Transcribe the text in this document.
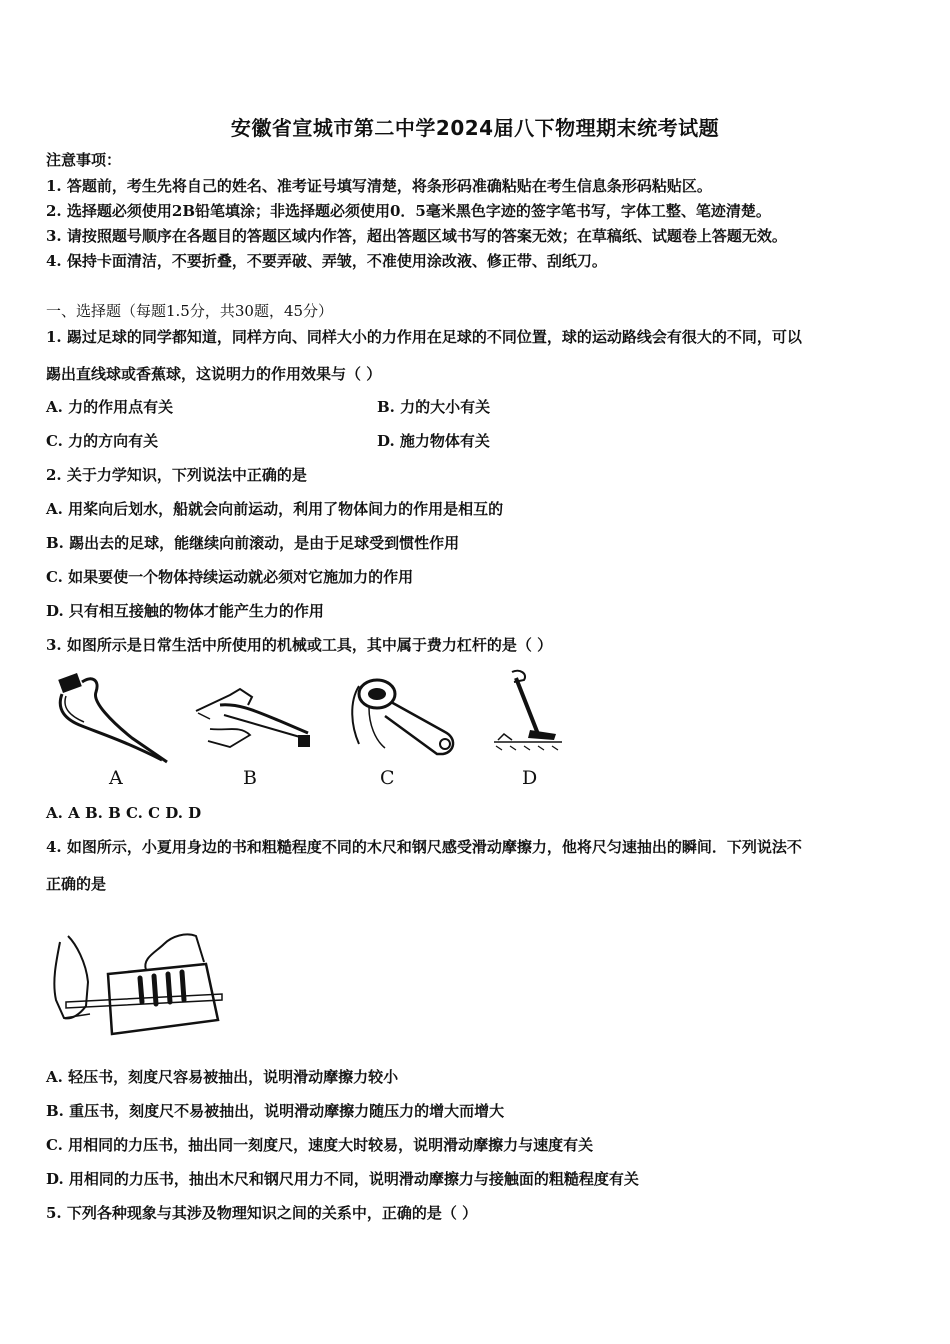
安徽省宣城市第二中学2024届八下物理期末统考试题
注意事项：
1. 答题前，考生先将自己的姓名、准考证号填写清楚，将条形码准确粘贴在考生信息条形码粘贴区。
2. 选择题必须使用2B铅笔填涂；非选择题必须使用0．5毫米黑色字迹的签字笔书写，字体工整、笔迹清楚。
3. 请按照题号顺序在各题目的答题区域内作答，超出答题区域书写的答案无效；在草稿纸、试题卷上答题无效。
4. 保持卡面清洁，不要折叠，不要弄破、弄皱，不准使用涂改液、修正带、刮纸刀。
一、选择题（每题1.5分，共30题，45分）
1. 踢过足球的同学都知道，同样方向、同样大小的力作用在足球的不同位置，球的运动路线会有很大的不同，可以
踢出直线球或香蕉球，这说明力的作用效果与（ ）
A. 力的作用点有关	B. 力的大小有关
C. 力的方向有关	D. 施力物体有关
2. 关于力学知识，下列说法中正确的是
A. 用桨向后划水，船就会向前运动，利用了物体间力的作用是相互的
B. 踢出去的足球，能继续向前滚动，是由于足球受到惯性作用
C. 如果要使一个物体持续运动就必须对它施加力的作用
D. 只有相互接触的物体才能产生力的作用
3. 如图所示是日常生活中所使用的机械或工具，其中属于费力杠杆的是（ ）
A	B	C	D
A. A B. B C. C D. D
4. 如图所示，小夏用身边的书和粗糙程度不同的木尺和钢尺感受滑动摩擦力，他将尺匀速抽出的瞬间．下列说法不
正确的是
A. 轻压书，刻度尺容易被抽出，说明滑动摩擦力较小
B. 重压书，刻度尺不易被抽出，说明滑动摩擦力随压力的增大而增大
C. 用相同的力压书，抽出同一刻度尺，速度大时较易，说明滑动摩擦力与速度有关
D. 用相同的力压书，抽出木尺和钢尺用力不同，说明滑动摩擦力与接触面的粗糙程度有关
5. 下列各种现象与其涉及物理知识之间的关系中，正确的是（ ）
